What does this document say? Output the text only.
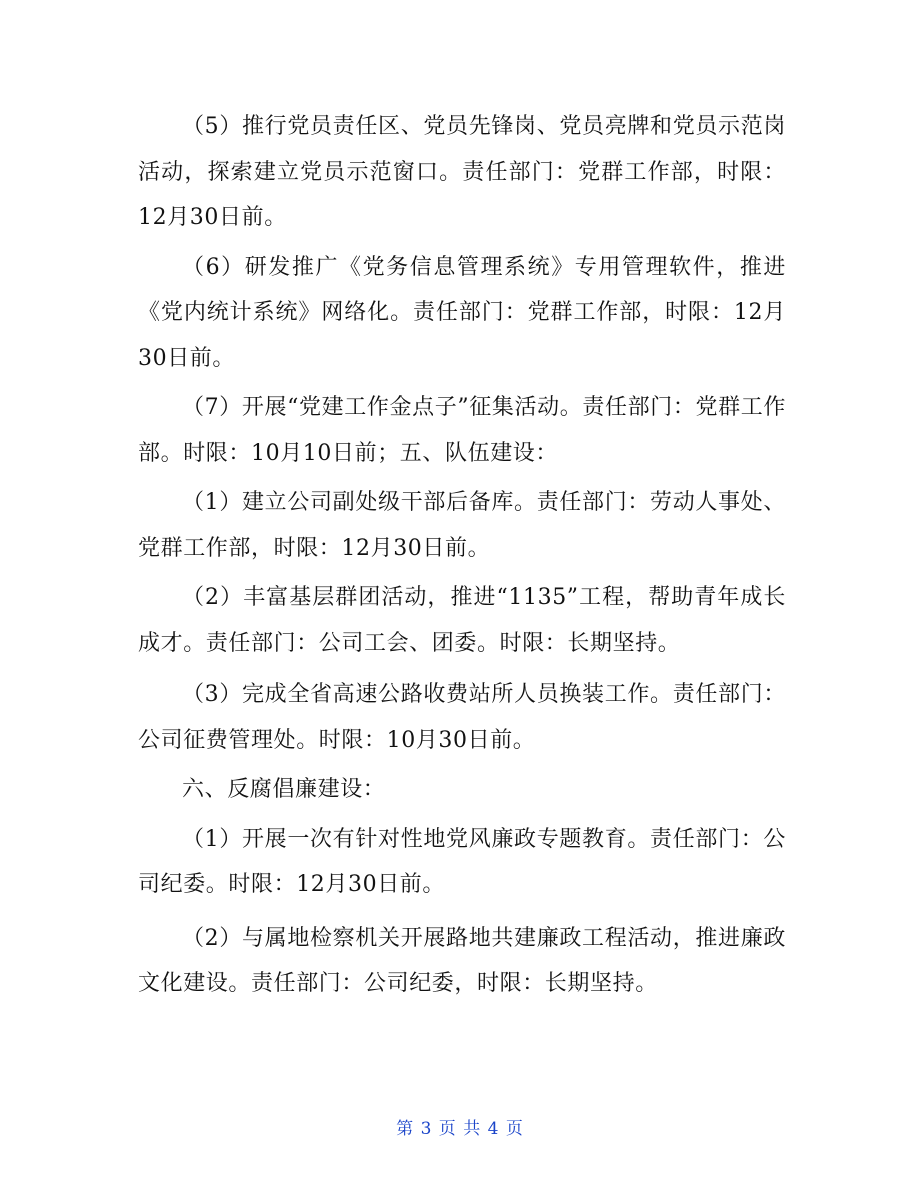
（5）推行党员责任区、党员先锋岗、党员亮牌和党员示范岗活动，探索建立党员示范窗口。责任部门：党群工作部，时限：12月30日前。

（6）研发推广《党务信息管理系统》专用管理软件，推进《党内统计系统》网络化。责任部门：党群工作部，时限：12月30日前。

（7）开展“党建工作金点子”征集活动。责任部门：党群工作部。时限：10月10日前；五、队伍建设：

（1）建立公司副处级干部后备库。责任部门：劳动人事处、党群工作部，时限：12月30日前。

（2）丰富基层群团活动，推进“1135”工程，帮助青年成长成才。责任部门：公司工会、团委。时限：长期坚持。

（3）完成全省高速公路收费站所人员换装工作。责任部门：公司征费管理处。时限：10月30日前。

六、反腐倡廉建设：

（1）开展一次有针对性地党风廉政专题教育。责任部门：公司纪委。时限：12月30日前。

（2）与属地检察机关开展路地共建廉政工程活动，推进廉政文化建设。责任部门：公司纪委，时限：长期坚持。

第 3 页 共 4 页
